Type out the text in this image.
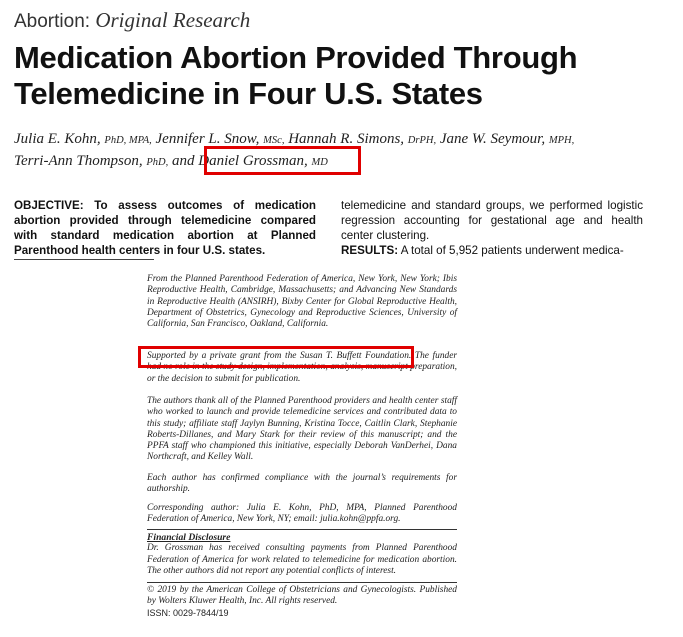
Abortion: Original Research
Medication Abortion Provided Through Telemedicine in Four U.S. States
Julia E. Kohn, PhD, MPA, Jennifer L. Snow, MSc, Hannah R. Simons, DrPH, Jane W. Seymour, MPH,
Terri-Ann Thompson, PhD, and Daniel Grossman, MD
OBJECTIVE: To assess outcomes of medication abortion provided through telemedicine compared with standard medication abortion at Planned Parenthood health centers in four U.S. states.
telemedicine and standard groups, we performed logistic regression accounting for gestational age and health center clustering.
RESULTS: A total of 5,952 patients underwent medica-
From the Planned Parenthood Federation of America, New York, New York; Ibis Reproductive Health, Cambridge, Massachusetts; and Advancing New Standards in Reproductive Health (ANSIRH), Bixby Center for Global Reproductive Health, Department of Obstetrics, Gynecology and Reproductive Sciences, University of California, San Francisco, Oakland, California.
Supported by a private grant from the Susan T. Buffett Foundation. The funder had no role in the study design, implementation, analysis, manuscript preparation, or the decision to submit for publication.
The authors thank all of the Planned Parenthood providers and health center staff who worked to launch and provide telemedicine services and contributed data to this study; affiliate staff Jaylyn Bunning, Kristina Tocce, Caitlin Clark, Stephanie Roberts-Dillanes, and Mary Stark for their review of this manuscript; and the PPFA staff who championed this initiative, especially Deborah VanDerhei, Dana Northcraft, and Kelley Wall.
Each author has confirmed compliance with the journal’s requirements for authorship.
Corresponding author: Julia E. Kohn, PhD, MPA, Planned Parenthood Federation of America, New York, NY; email: julia.kohn@ppfa.org.
Financial Disclosure
Dr. Grossman has received consulting payments from Planned Parenthood Federation of America for work related to telemedicine for medication abortion. The other authors did not report any potential conflicts of interest.
© 2019 by the American College of Obstetricians and Gynecologists. Published by Wolters Kluwer Health, Inc. All rights reserved.
ISSN: 0029-7844/19
